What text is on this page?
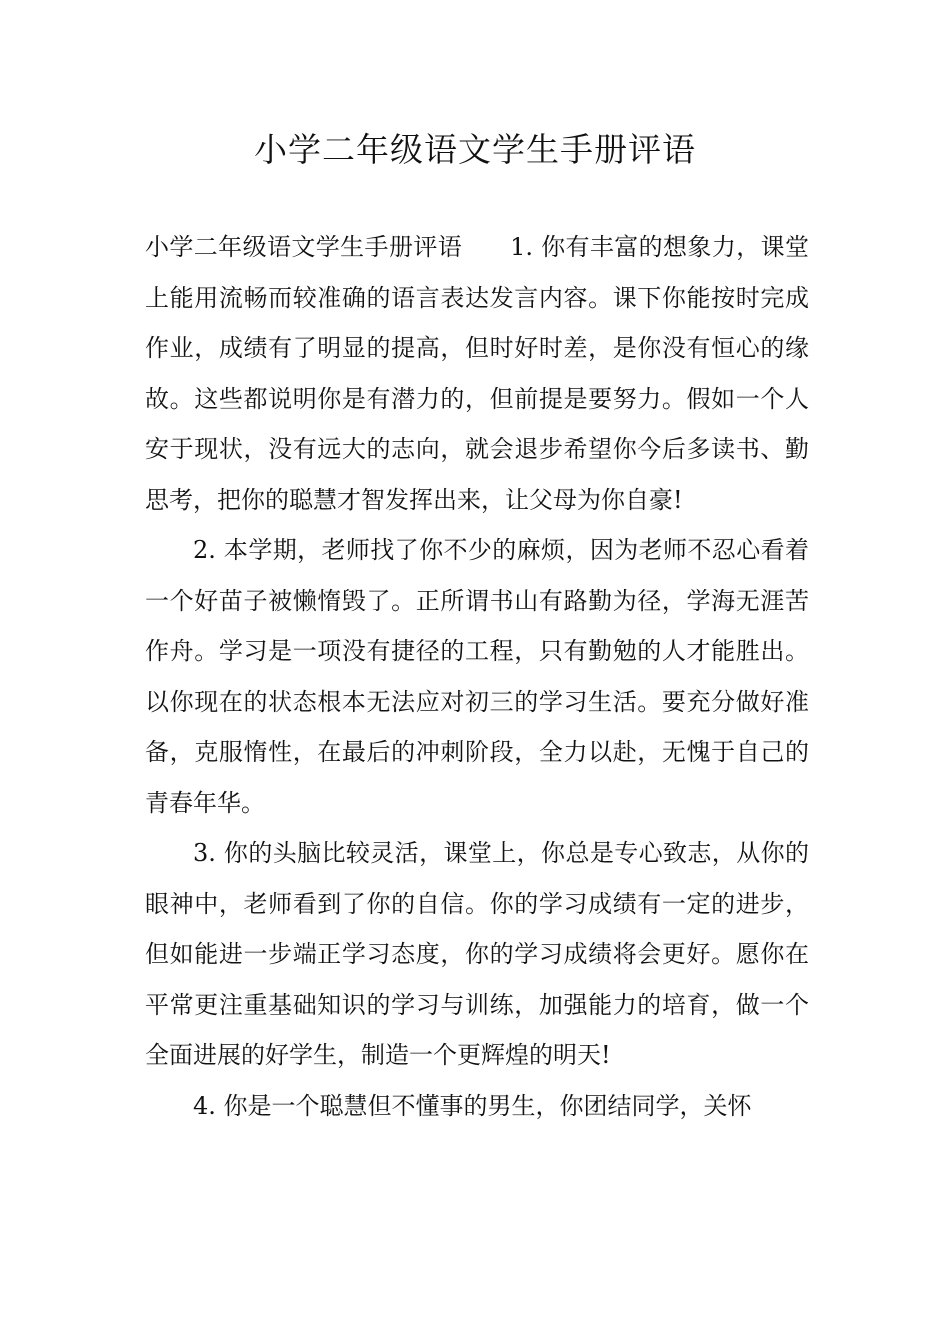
小学二年级语文学生手册评语

小学二年级语文学生手册评语 1. 你有丰富的想象力，课堂上能用流畅而较准确的语言表达发言内容。课下你能按时完成作业，成绩有了明显的提高，但时好时差，是你没有恒心的缘故。这些都说明你是有潜力的，但前提是要努力。假如一个人安于现状，没有远大的志向，就会退步希望你今后多读书、勤思考，把你的聪慧才智发挥出来，让父母为你自豪!

2. 本学期，老师找了你不少的麻烦，因为老师不忍心看着一个好苗子被懒惰毁了。正所谓书山有路勤为径，学海无涯苦作舟。学习是一项没有捷径的工程，只有勤勉的人才能胜出。以你现在的状态根本无法应对初三的学习生活。要充分做好准备，克服惰性，在最后的冲刺阶段，全力以赴，无愧于自己的青春年华。

3. 你的头脑比较灵活，课堂上，你总是专心致志，从你的眼神中，老师看到了你的自信。你的学习成绩有一定的进步，但如能进一步端正学习态度，你的学习成绩将会更好。愿你在平常更注重基础知识的学习与训练，加强能力的培育，做一个全面进展的好学生，制造一个更辉煌的明天!

4. 你是一个聪慧但不懂事的男生，你团结同学，关怀
